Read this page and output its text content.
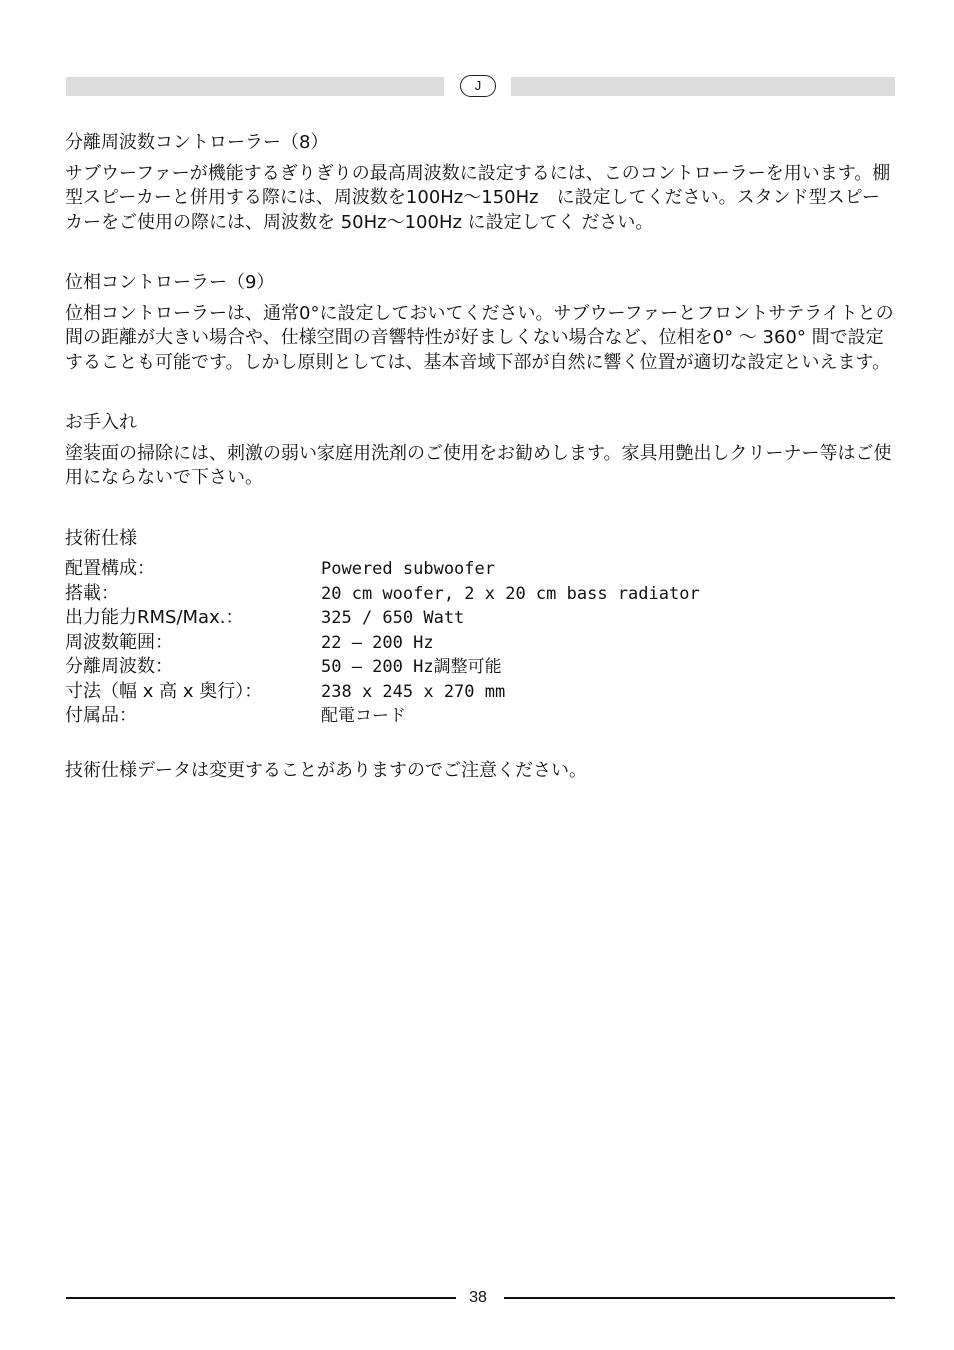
J

分離周波数コントローラー（8）

サブウーファーが機能するぎりぎりの最高周波数に設定するには、このコントローラーを用います。棚型スピーカーと併用する際には、周波数を100Hz～150Hz　に設定してください。スタンド型スピーカーをご使用の際には、周波数を 50Hz～100Hz に設定してく ださい。

位相コントローラー（9）

位相コントローラーは、通常0°に設定しておいてください。サブウーファーとフロントサテライトとの間の距離が大きい場合や、仕様空間の音響特性が好ましくない場合など、位相を0° ～ 360° 間で設定することも可能です。しかし原則としては、基本音域下部が自然に響く位置が適切な設定といえます。

お手入れ

塗装面の掃除には、刺激の弱い家庭用洗剤のご使用をお勧めします。家具用艶出しクリーナー等はご使用にならないで下さい。

技術仕様

配置構成：	Powered subwoofer
搭載：	20 cm woofer, 2 x 20 cm bass radiator
出力能力RMS/Max.：	325 / 650 Watt
周波数範囲：	22 – 200 Hz
分離周波数：	50 – 200 Hz調整可能
寸法（幅 x 高 x 奥行）：	238 x 245 x 270 mm
付属品：	配電コード

技術仕様データは変更することがありますのでご注意ください。

38
